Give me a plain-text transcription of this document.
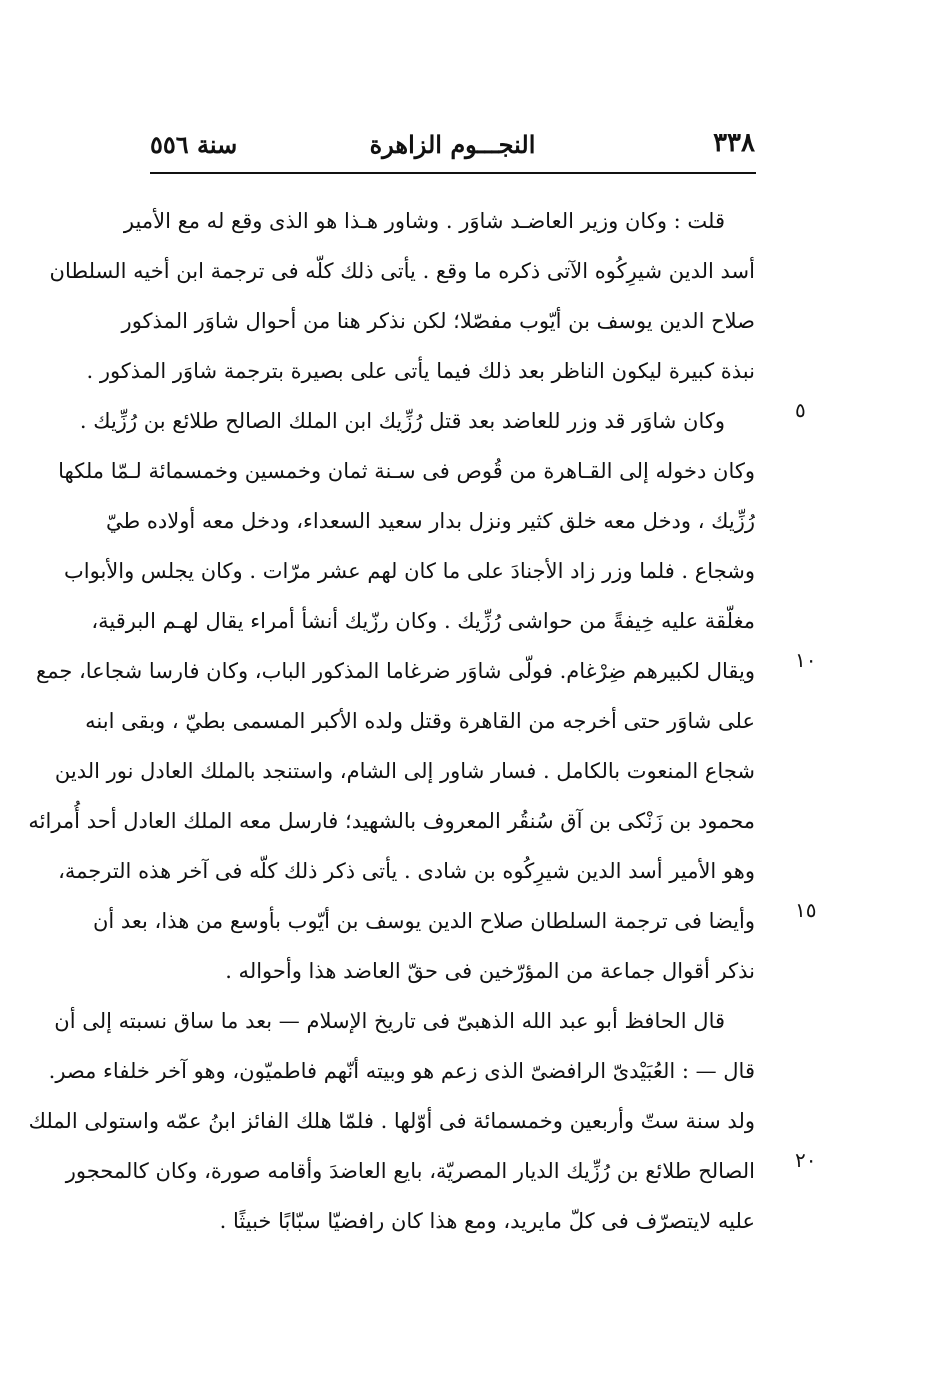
٣٣٨
النجـــوم الزاهرة
سنة ٥٥٦
قلت : وكان وزير العاضـد شاوَر . وشاور هـذا هو الذى وقع له مع الأمير
أسد الدين شيرِكُوه الآتى ذكره ما وقع . يأتى ذلك كلّه فى ترجمة ابن أخيه السلطان
صلاح الدين يوسف بن أيّوب مفصّلا؛ لكن نذكر هنا من أحوال شاوَر المذكور
نبذة كبيرة ليكون الناظر بعد ذلك فيما يأتى على بصيرة بترجمة شاوَر المذكور .
وكان شاوَر قد وزر للعاضد بعد قتل رُزِّيك ابن الملك الصالح طلائع بن رُزِّيك .
وكان دخوله إلى القـاهرة من قُوص فى سـنة ثمان وخمسين وخمسمائة لـمّا ملكها
رُزِّيك ، ودخل معه خلق كثير ونزل بدار سعيد السعداء، ودخل معه أولاده طيّ
وشجاع . فلما وزر زاد الأجنادَ على ما كان لهم عشر مرّات . وكان يجلس والأبواب
مغلّقة عليه خِيفةً من حواشى رُزِّيك . وكان رزّيك أنشأ أمراء يقال لهـم البرقية،
ويقال لكبيرهم ضِرْغام. فولّى شاوَر ضرغاما المذكور الباب، وكان فارسا شجاعا، جمع
على شاوَر حتى أخرجه من القاهرة وقتل ولده الأكبر المسمى بطيّ ، وبقى ابنه
شجاع المنعوت بالكامل . فسار شاور إلى الشام، واستنجد بالملك العادل نور الدين
محمود بن زَنْكى بن آق سُنقُر المعروف بالشهيد؛ فارسل معه الملك العادل أحد أُمرائه
وهو الأمير أسد الدين شيرِكُوه بن شادى . يأتى ذكر ذلك كلّه فى آخر هذه الترجمة،
وأيضا فى ترجمة السلطان صلاح الدين يوسف بن أيّوب بأوسع من هذا، بعد أن
نذكر أقوال جماعة من المؤرّخين فى حقّ العاضد هذا وأحواله .
قال الحافظ أبو عبد الله الذهبىّ فى تاريخ الإسلام — بعد ما ساق نسبته إلى أن
قال — : العُبَيْدىّ الرافضىّ الذى زعم هو وبيته أنّهم فاطميّون، وهو آخر خلفاء مصر.
ولد سنة ستّ وأربعين وخمسمائة فى أوّلها . فلمّا هلك الفائز ابنُ عمّه واستولى الملك
الصالح طلائع بن رُزِّيك الديار المصريّة، بايع العاضدَ وأقامه صورة، وكان كالمحجور
عليه لايتصرّف فى كلّ مايريد، ومع هذا كان رافضيّا سبّابًا خبيثًا .
٥
١٠
١٥
٢٠
